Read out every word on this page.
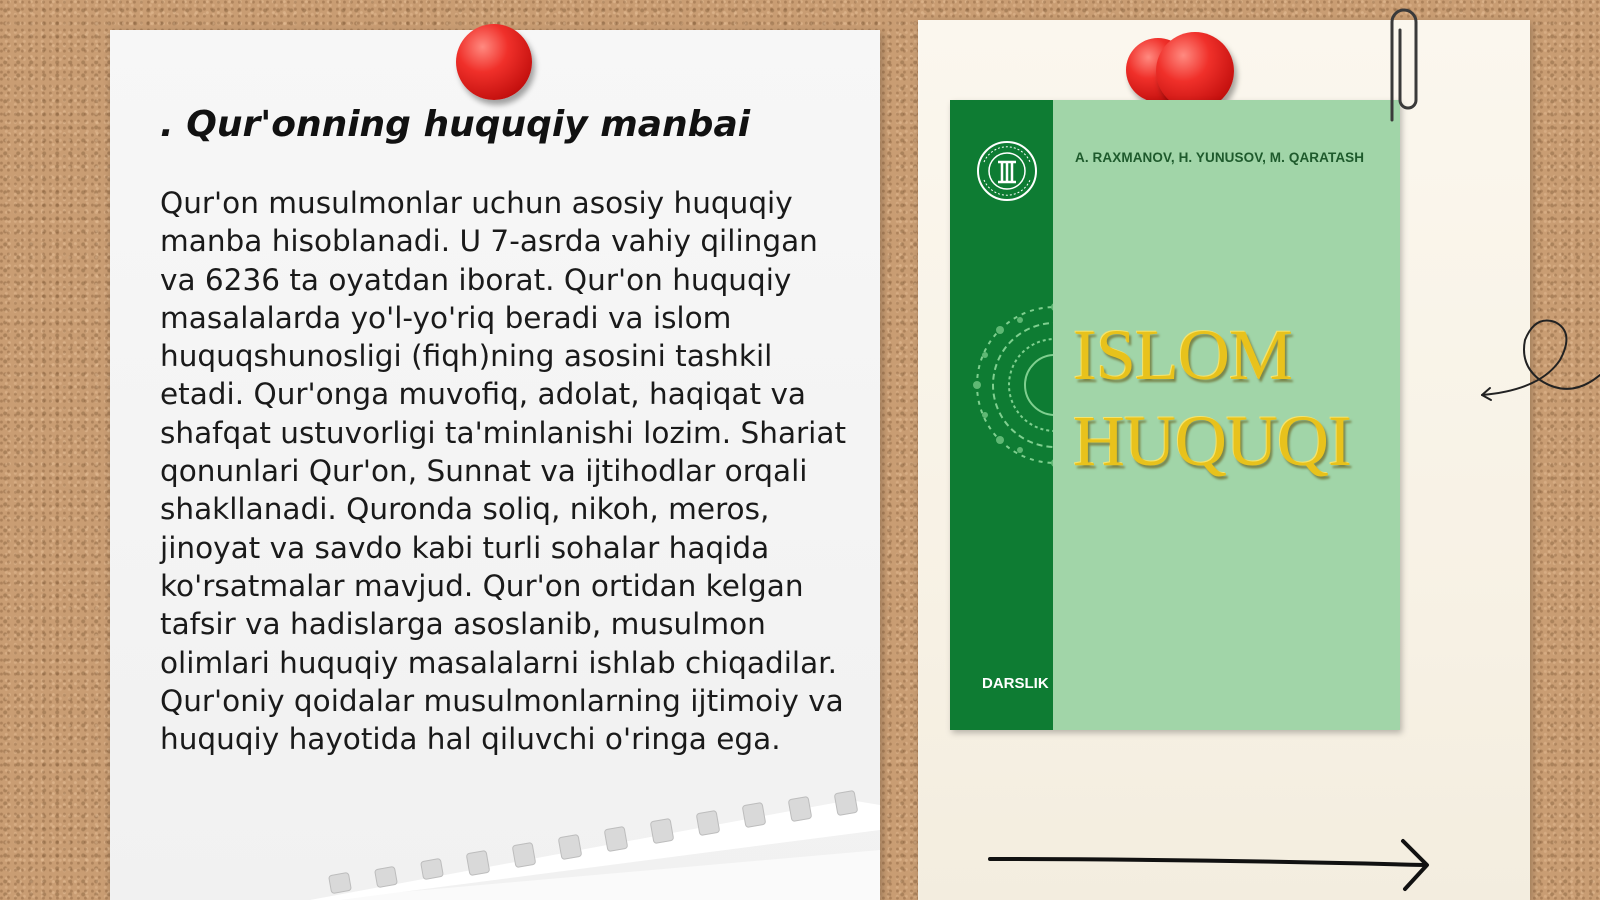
. Qur'onning huquqiy manbai

Qur'on musulmonlar uchun asosiy huquqiy manba hisoblanadi. U 7-asrda vahiy qilingan va 6236 ta oyatdan iborat. Qur'on huquqiy masalalarda yo'l-yo'riq beradi va islom huquqshunosligi (fiqh)ning asosini tashkil etadi. Qur'onga muvofiq, adolat, haqiqat va shafqat ustuvorligi ta'minlanishi lozim. Shariat qonunlari Qur'on, Sunnat va ijtihodlar orqali shakllanadi. Quronda soliq, nikoh, meros, jinoyat va savdo kabi turli sohalar haqida ko'rsatmalar mavjud. Qur'on ortidan kelgan tafsir va hadislarga asoslanib, musulmon olimlari huquqiy masalalarni ishlab chiqadilar. Qur'oniy qoidalar musulmonlarning ijtimoiy va huquqiy hayotida hal qiluvchi o'ringa ega.

DARSLIK
A. RAXMANOV, H. YUNUSOV, M. QARATASH
ISLOM
HUQUQI
